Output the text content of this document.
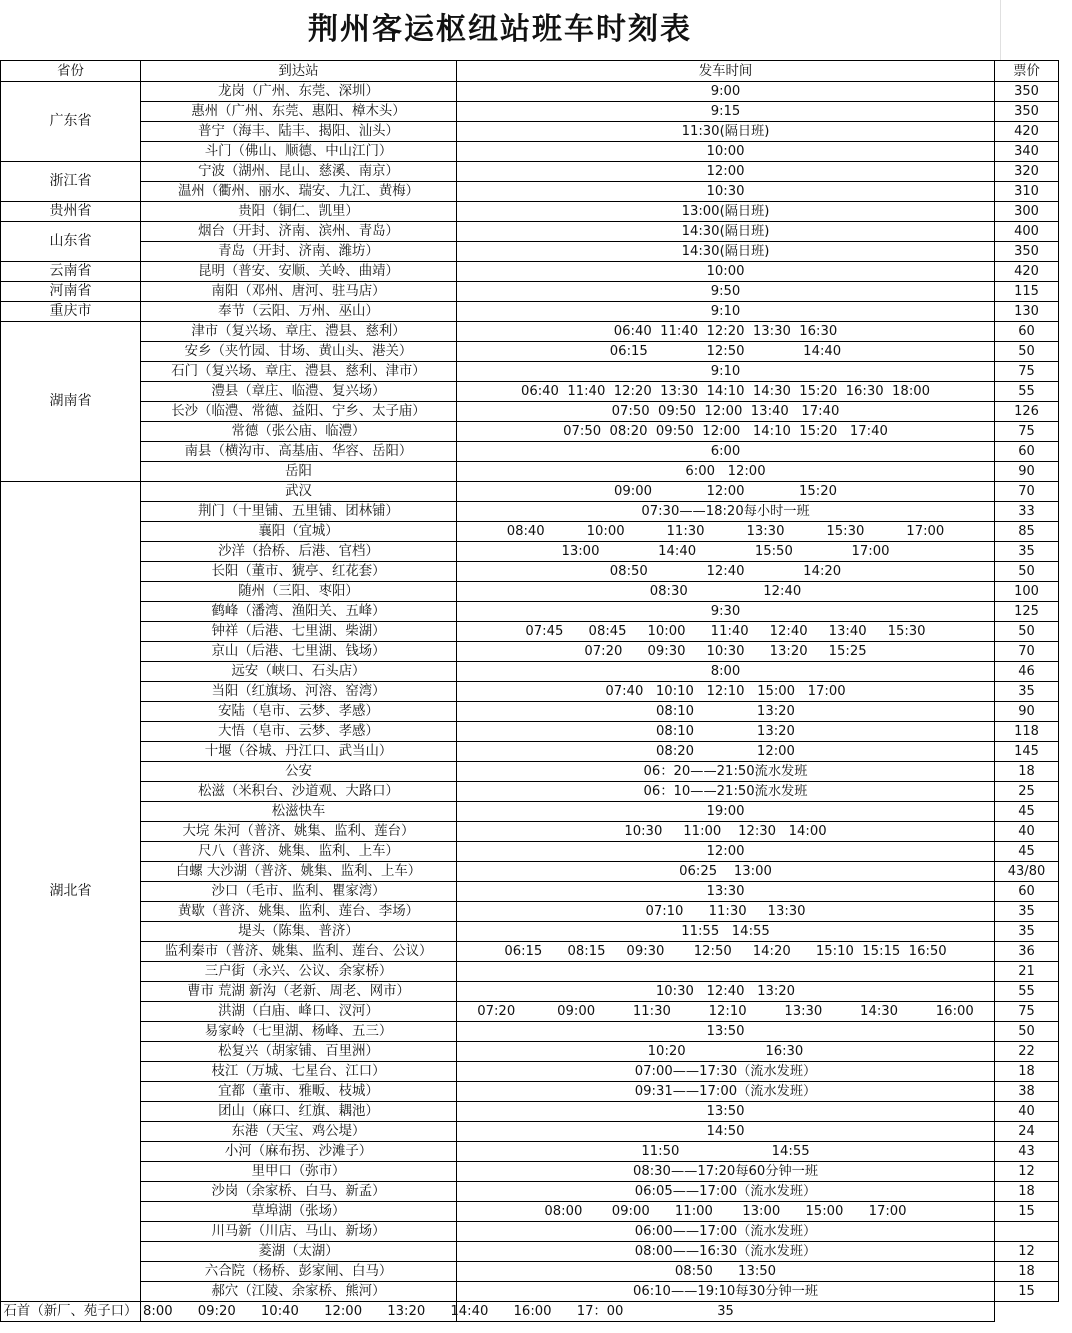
荆州客运枢纽站班车时刻表
省份	到达站	发车时间	票价
广东省	龙岗（广州、东莞、深圳）	9:00	350
	惠州（广州、东莞、惠阳、樟木头）	9:15	350
	普宁（海丰、陆丰、揭阳、汕头）	11:30(隔日班)	420
	斗门（佛山、顺德、中山江门）	10:00	340
浙江省	宁波（湖州、昆山、慈溪、南京）	12:00	320
	温州（衢州、丽水、瑞安、九江、黄梅）	10:30	310
贵州省	贵阳（铜仁、凯里）	13:00(隔日班)	300
山东省	烟台（开封、济南、滨州、青岛）	14:30(隔日班)	400
	青岛（开封、济南、潍坊）	14:30(隔日班)	350
云南省	昆明（普安、安顺、关岭、曲靖）	10:00	420
河南省	南阳（邓州、唐河、驻马店）	9:50	115
重庆市	奉节（云阳、万州、巫山）	9:10	130
湖南省	津市（复兴场、章庄、澧县、慈利）	06:40  11:40  12:20  13:30  16:30	60
	安乡（夹竹园、甘场、黄山头、港关）	06:15              12:50              14:40	50
	石门（复兴场、章庄、澧县、慈利、津市）	9:10	75
	澧县（章庄、临澧、复兴场）	06:40  11:40  12:20  13:30  14:10  14:30  15:20  16:30  18:00	55
	长沙（临澧、常德、益阳、宁乡、太子庙）	07:50  09:50  12:00  13:40   17:40	126
	常德（张公庙、临澧）	07:50  08:20  09:50  12:00   14:10  15:20   17:40	75
	南县（横沟市、高基庙、华容、岳阳）	6:00	60
	岳阳	6:00   12:00	90
湖北省	武汉	09:00             12:00             15:20	70
	荆门（十里铺、五里铺、团林铺）	07:30——18:20每小时一班	33
	襄阳（宜城）	08:40          10:00          11:30          13:30          15:30          17:00	85
	沙洋（拾桥、后港、官档）	13:00              14:40              15:50              17:00	35
	长阳（董市、猇亭、红花套）	08:50              12:40              14:20	50
	随州（三阳、枣阳）	08:30                  12:40	100
	鹤峰（潘湾、渔阳关、五峰）	9:30	125
	钟祥（后港、七里湖、柴湖）	07:45      08:45     10:00      11:40     12:40     13:40     15:30	50
	京山（后港、七里湖、钱场）	07:20      09:30     10:30      13:20     15:25	70
	远安（峡口、石头店）	8:00	46
	当阳（红旗场、河溶、窑湾）	07:40   10:10   12:10   15:00   17:00	35
	安陆（皂市、云梦、孝感）	08:10               13:20	90
	大悟（皂市、云梦、孝感）	08:10               13:20	118
	十堰（谷城、丹江口、武当山）	08:20               12:00	145
	公安	06：20——21:50流水发班	18
	松滋（米积台、沙道观、大路口）	06：10——21:50流水发班	25
	松滋快车	19:00	45
	大垸 朱河（普济、姚集、监利、莲台）	10:30     11:00    12:30   14:00	40
	尺八（普济、姚集、监利、上车）	12:00	45
	白螺 大沙湖（普济、姚集、监利、上车）	06:25    13:00	43/80
	沙口（毛市、监利、瞿家湾）	13:30	60
	黄歇（普济、姚集、监利、莲台、李场）	07:10      11:30     13:30	35
	堤头（陈集、普济）	11:55   14:55	35
	监利秦市（普济、姚集、监利、莲台、公议）	06:15      08:15     09:30       12:50     14:20      15:10  15:15  16:50	36
	三户街（永兴、公议、余家桥）		21
	曹市 荒湖 新沟（老新、周老、网市）	10:30   12:40   13:20	55
	洪湖（白庙、峰口、汊河）	07:20          09:00         11:30         12:10         13:30         14:30         16:00	75
	易家岭（七里湖、杨峰、五三）	13:50	50
	松复兴（胡家铺、百里洲）	10:20                   16:30	22
	枝江（万城、七星台、江口）	07:00——17:30（流水发班）	18
	宜都（董市、雅畈、枝城）	09:31——17:00（流水发班）	38
	团山（麻口、红旗、耦池）	13:50	40
	东港（天宝、鸡公堤）	14:50	24
	小河（麻布拐、沙滩子）	11:50                      14:55	43
	里甲口（弥市）	08:30——17:20每60分钟一班	12
	沙岗（余家桥、白马、新孟）	06:05——17:00（流水发班）	18
	草埠湖（张场）	08:00       09:00      11:00       13:00      15:00      17:00	15
	川马新（川店、马山、新场）	06:00——17:00（流水发班）	
	菱湖（太湖）	08:00——16:30（流水发班）	12
	六合院（杨桥、彭家闸、白马）	08:50      13:50	18
	郝穴（江陵、余家桥、熊河）	06:10——19:10每30分钟一班	15
石首（新厂、苑子口）	8:00      09:20      10:40      12:00      13:20      14:40      16:00      17：00	35	
